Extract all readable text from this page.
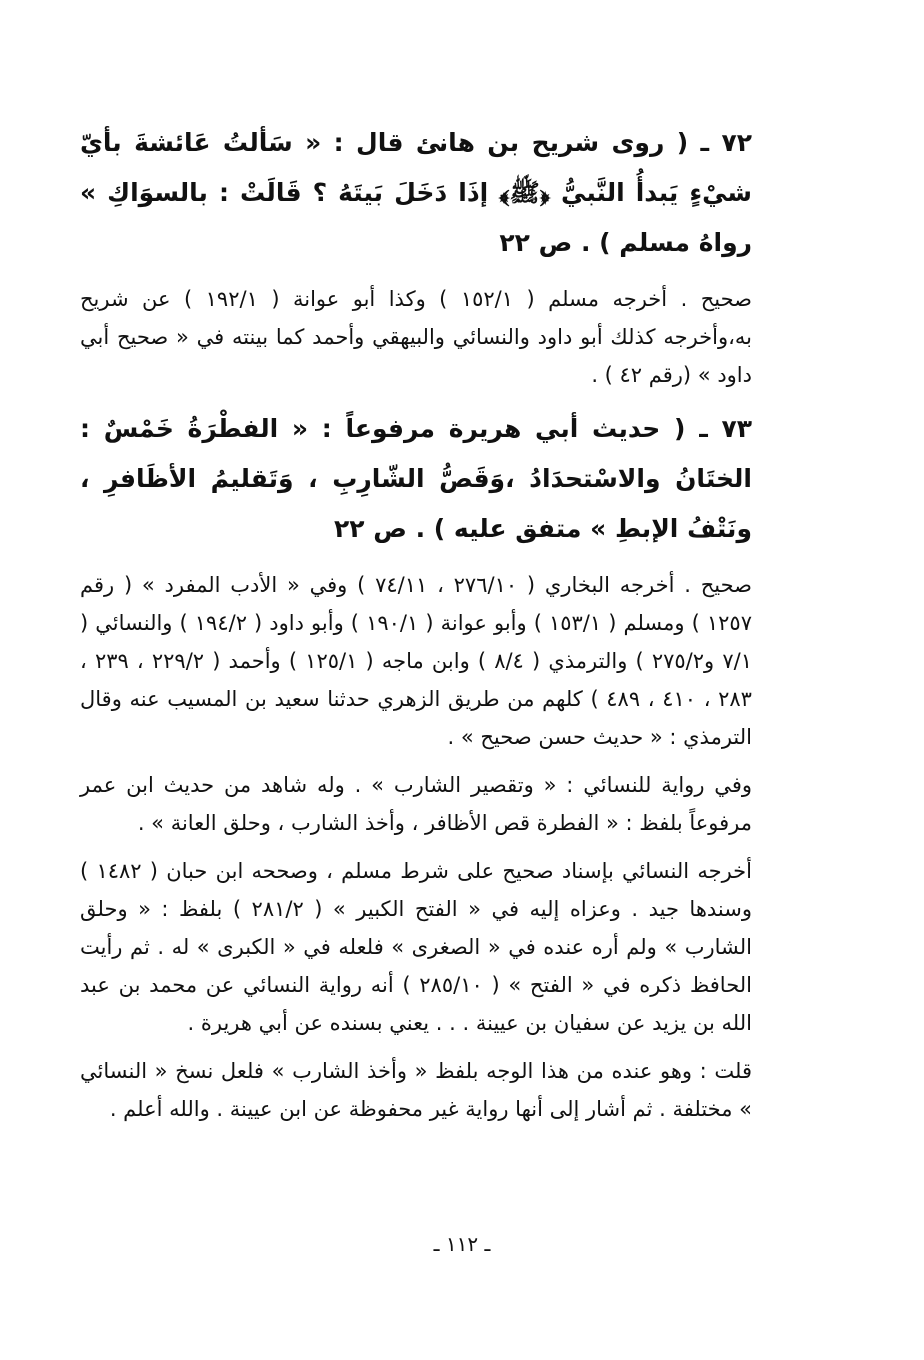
٧٢ ـ ( روى شريح بن هانئ قال : « سَألتُ عَائشةَ بأيّ شيْءٍ يَبدأُ النَّبيُّ ﴿ﷺ﴾ إذَا دَخَلَ بَيتَهُ ؟ قَالَتْ : بالسوَاكِ » رواهُ مسلم ) . ص ٢٢

صحيح . أخرجه مسلم ( ١٥٢/١ ) وكذا أبو عوانة ( ١٩٢/١ ) عن شريح به،وأخرجه كذلك أبو داود والنسائي والبيهقي وأحمد كما بينته في « صحيح أبي داود » (رقم ٤٢ ) .

٧٣ ـ ( حديث أبي هريرة مرفوعاً : « الفطْرَةُ خَمْسٌ : الختَانُ والاسْتحدَادُ ،وَقَصُّ الشّارِبِ ، وَتَقليمُ الأظَافرِ ، ونَتْفُ الإبطِ » متفق عليه ) . ص ٢٢

صحيح . أخرجه البخاري ( ٢٧٦/١٠ ، ٧٤/١١ ) وفي « الأدب المفرد » ( رقم ١٢٥٧ ) ومسلم ( ١٥٣/١ ) وأبو عوانة ( ١٩٠/١ ) وأبو داود ( ١٩٤/٢ ) والنسائي ( ٧/١ و٢٧٥/٢ ) والترمذي ( ٨/٤ ) وابن ماجه ( ١٢٥/١ ) وأحمد ( ٢٢٩/٢ ، ٢٣٩ ، ٢٨٣ ، ٤١٠ ، ٤٨٩ ) كلهم من طريق الزهري حدثنا سعيد بن المسيب عنه وقال الترمذي : « حديث حسن صحيح » .

وفي رواية للنسائي : « وتقصير الشارب » . وله شاهد من حديث ابن عمر مرفوعاً بلفظ : « الفطرة قص الأظافر ، وأخذ الشارب ، وحلق العانة » .

أخرجه النسائي بإسناد صحيح على شرط مسلم ، وصححه ابن حبان ( ١٤٨٢ ) وسندها جيد . وعزاه إليه في « الفتح الكبير » ( ٢٨١/٢ ) بلفظ : « وحلق الشارب » ولم أره عنده في « الصغرى » فلعله في « الكبرى » له . ثم رأيت الحافظ ذكره في « الفتح » ( ٢٨٥/١٠ ) أنه رواية النسائي عن محمد بن عبد الله بن يزيد عن سفيان بن عيينة . . . يعني بسنده عن أبي هريرة .

قلت : وهو عنده من هذا الوجه بلفظ « وأخذ الشارب » فلعل نسخ « النسائي » مختلفة . ثم أشار إلى أنها رواية غير محفوظة عن ابن عيينة . والله أعلم .

ـ ١١٢ ـ
